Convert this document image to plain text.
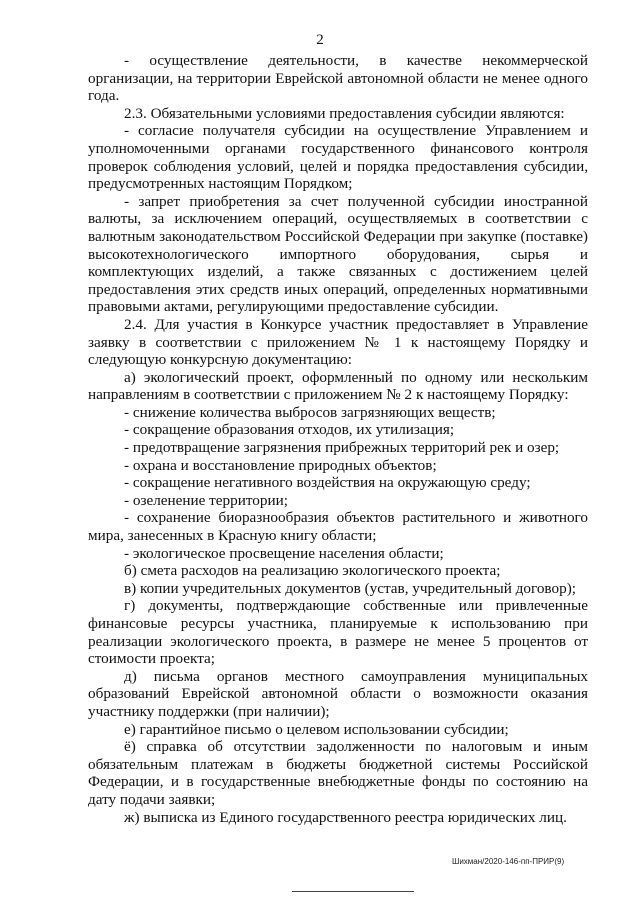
2

- осуществление деятельности, в качестве некоммерческой организации, на территории Еврейской автономной области не менее одного года.

2.3. Обязательными условиями предоставления субсидии являются:

- согласие получателя субсидии на осуществление Управлением и уполномоченными органами государственного финансового контроля проверок соблюдения условий, целей и порядка предоставления субсидии, предусмотренных настоящим Порядком;

- запрет приобретения за счет полученной субсидии иностранной валюты, за исключением операций, осуществляемых в соответствии с валютным законодательством Российской Федерации при закупке (поставке) высокотехнологического импортного оборудования, сырья и комплектующих изделий, а также связанных с достижением целей предоставления этих средств иных операций, определенных нормативными правовыми актами, регулирующими предоставление субсидии.

2.4. Для участия в Конкурсе участник предоставляет в Управление заявку в соответствии с приложением № 1 к настоящему Порядку и следующую конкурсную документацию:

а) экологический проект, оформленный по одному или нескольким направлениям в соответствии с приложением № 2 к настоящему Порядку:

- снижение количества выбросов загрязняющих веществ;

- сокращение образования отходов, их утилизация;

- предотвращение загрязнения прибрежных территорий рек и озер;

- охрана и восстановление природных объектов;

- сокращение негативного воздействия на окружающую среду;

- озеленение территории;

- сохранение биоразнообразия объектов растительного и животного мира, занесенных в Красную книгу области;

- экологическое просвещение населения области;

б) смета расходов на реализацию экологического проекта;

в) копии учредительных документов (устав, учредительный договор);

г) документы, подтверждающие собственные или привлеченные финансовые ресурсы участника, планируемые к использованию при реализации экологического проекта, в размере не менее 5 процентов от стоимости проекта;

д) письма органов местного самоуправления муниципальных образований Еврейской автономной области о возможности оказания участнику поддержки (при наличии);

е) гарантийное письмо о целевом использовании субсидии;

ё) справка об отсутствии задолженности по налоговым и иным обязательным платежам в бюджеты бюджетной системы Российской Федерации, и в государственные внебюджетные фонды по состоянию на дату подачи заявки;

ж) выписка из Единого государственного реестра юридических лиц.

Шихман/2020-146-пп-ПРИР(9)
